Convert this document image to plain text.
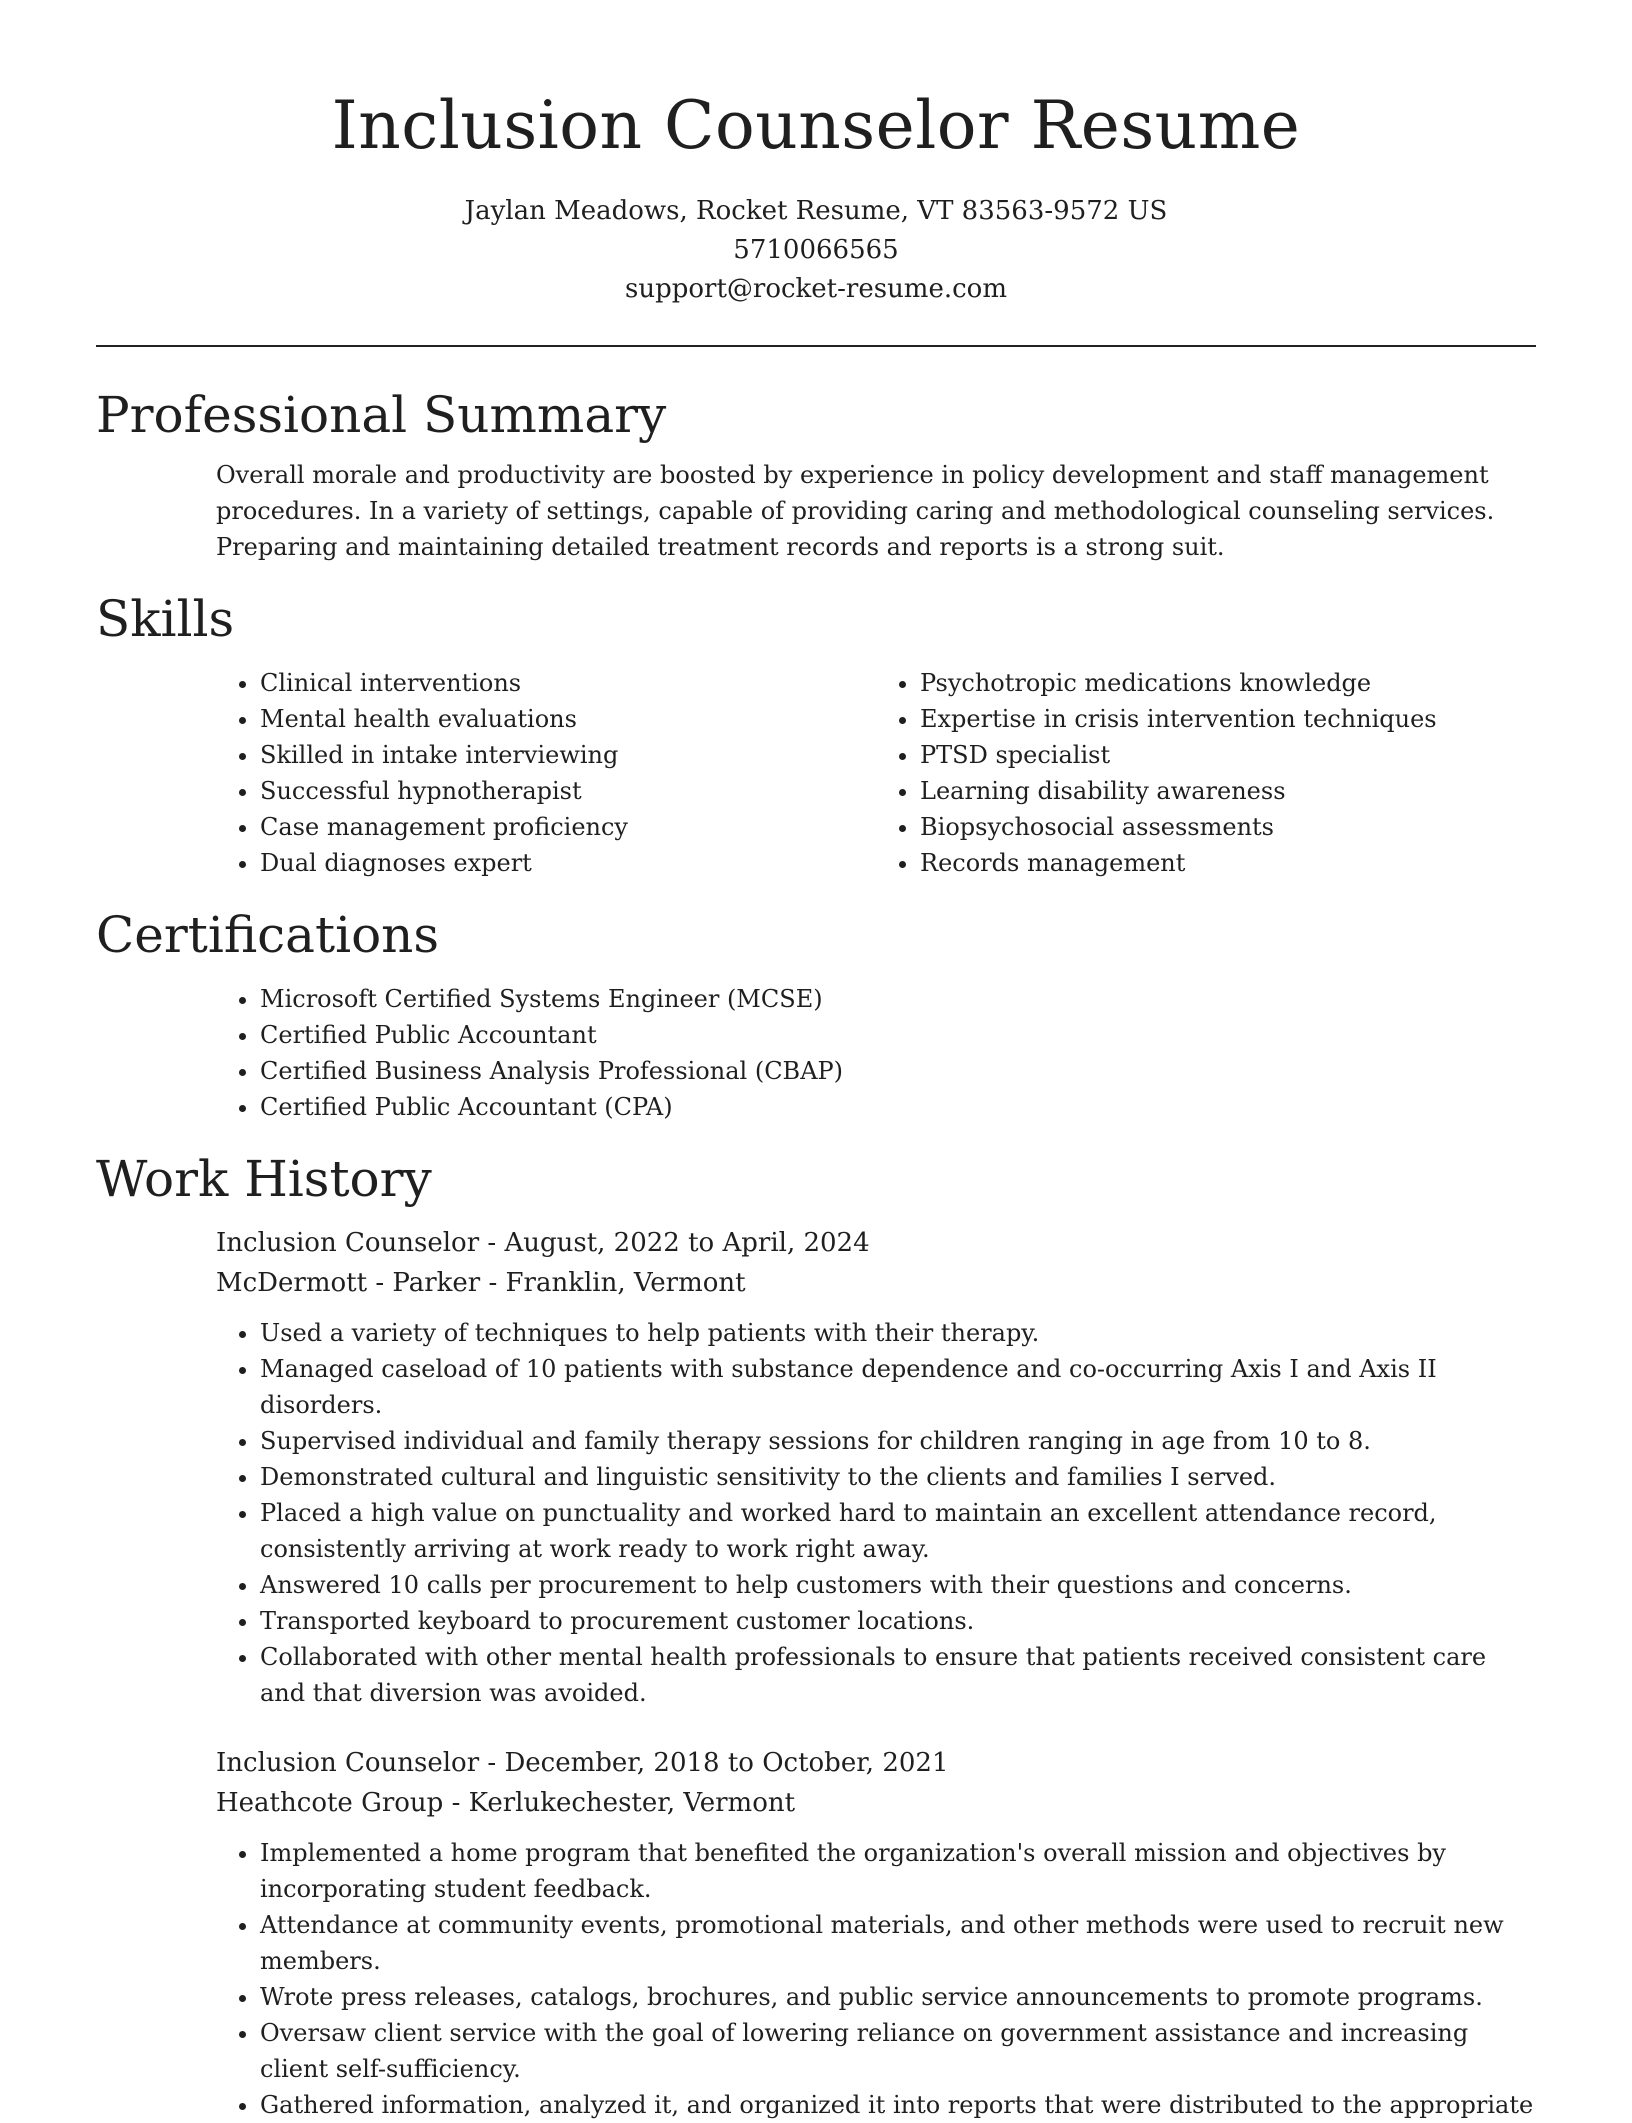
Inclusion Counselor Resume
Jaylan Meadows, Rocket Resume, VT 83563-9572 US
5710066565
support@rocket-resume.com
Professional Summary

Overall morale and productivity are boosted by experience in policy development and staff management procedures. In a variety of settings, capable of providing caring and methodological counseling services. Preparing and maintaining detailed treatment records and reports is a strong suit.

Skills
• Clinical interventions
• Mental health evaluations
• Skilled in intake interviewing
• Successful hypnotherapist
• Case management proficiency
• Dual diagnoses expert
• Psychotropic medications knowledge
• Expertise in crisis intervention techniques
• PTSD specialist
• Learning disability awareness
• Biopsychosocial assessments
• Records management
Certifications
• Microsoft Certified Systems Engineer (MCSE)
• Certified Public Accountant
• Certified Business Analysis Professional (CBAP)
• Certified Public Accountant (CPA)
Work History
Inclusion Counselor - August, 2022 to April, 2024
McDermott - Parker - Franklin, Vermont
• Used a variety of techniques to help patients with their therapy.
• Managed caseload of 10 patients with substance dependence and co-occurring Axis I and Axis II disorders.
• Supervised individual and family therapy sessions for children ranging in age from 10 to 8.
• Demonstrated cultural and linguistic sensitivity to the clients and families I served.
• Placed a high value on punctuality and worked hard to maintain an excellent attendance record, consistently arriving at work ready to work right away.
• Answered 10 calls per procurement to help customers with their questions and concerns.
• Transported keyboard to procurement customer locations.
• Collaborated with other mental health professionals to ensure that patients received consistent care and that diversion was avoided.
Inclusion Counselor - December, 2018 to October, 2021
Heathcote Group - Kerlukechester, Vermont
• Implemented a home program that benefited the organization's overall mission and objectives by incorporating student feedback.
• Attendance at community events, promotional materials, and other methods were used to recruit new members.
• Wrote press releases, catalogs, brochures, and public service announcements to promote programs.
• Oversaw client service with the goal of lowering reliance on government assistance and increasing client self-sufficiency.
• Gathered information, analyzed it, and organized it into reports that were distributed to the appropriate
